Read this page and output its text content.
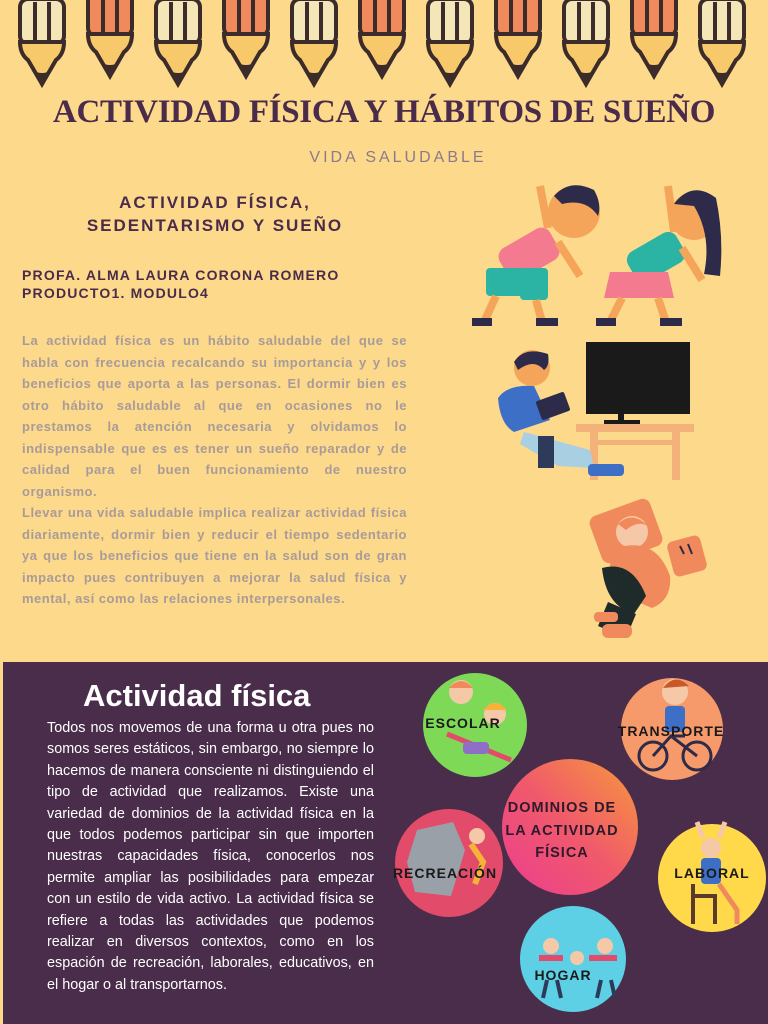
ACTIVIDAD FÍSICA Y HÁBITOS DE SUEÑO
VIDA SALUDABLE
ACTIVIDAD FÍSICA,
SEDENTARISMO Y SUEÑO
PROFA. ALMA LAURA CORONA ROMERO
PRODUCTO1. MODULO4

La actividad física es un hábito saludable del que se habla con frecuencia recalcando su importancia y y los beneficios que aporta a las personas. El dormir bien es otro hábito saludable al que en ocasiones no le prestamos la atención necesaria y olvidamos lo indispensable que es es tener un sueño reparador y de calidad para el buen funcionamiento de nuestro organismo.

Llevar una vida saludable implica realizar actividad física diariamente, dormir bien y reducir el tiempo sedentario ya que los beneficios que tiene en la salud son de gran impacto pues contribuyen a mejorar la salud física y mental, así como las relaciones interpersonales.

Actividad física
Todos nos movemos de una forma u otra pues no somos seres estáticos, sin embargo, no siempre lo hacemos de manera consciente ni distinguiendo el tipo de actividad que realizamos. Existe una variedad de dominios de la actividad física en la que todos podemos participar sin que importen nuestras capacidades física, conocerlos nos permite ampliar las posibilidades para empezar con un estilo de vida activo. La actividad física se refiere a todas las actividades que podemos realizar en diversos contextos, como en los espación de recreación, laborales, educativos, en el hogar o al transportarnos.
DOMINIOS DE
LA ACTIVIDAD
FÍSICA
ESCOLAR	TRANSPORTE
RECREACIÓN	LABORAL
HOGAR
